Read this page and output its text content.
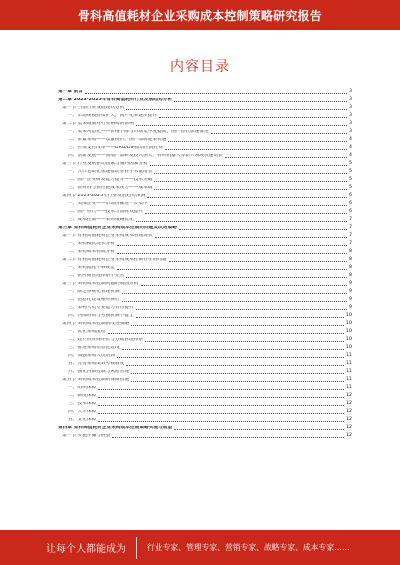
骨科高值耗材企业采购成本控制策略研究报告
内容目录
第一章 前言	3
第二章 2023-2025年骨科高值耗材行业发展趋势分析	3
第一节 当前行业发展现状分析	3
一、市场规模持续扩大，国产化率逐步提升	3
第二节 集采政策对行业格局的影响	3
一、集采常态化——价格下降与市场集中度提高，国产替代加速推进	3
二、带量采购——以量换价，国产品牌迎来机遇	4
三、医保支付改革——DRG/DIP推动医院控费	4
四、创新发展——高端产品研发投入加大，骨科机器人等新兴领域快速增长	4
第三节 行业发展驱动因素与制约因素分析	5
一、人口老龄化加速推动骨科手术量增长	5
二、国产企业研发能力提升——技术突破	5
三、原材料与供应链成本压力——成本端	5
第四节 2023-2025年行业发展趋势预测	6
一、头部企业——市场份额进一步集中	6
二、国产替代——技术与品牌双提升	6
三、成本控制——采购策略优化	7
第三章 骨科高值耗材企业采购成本控制的问题及改进策略	7
第一节 骨科高值耗材企业采购成本管理现状	7
一、采购模式现状分析	7
二、采购成本构成分析	8
第二节 骨科高值耗材企业采购成本控制存在的问题	8
一、采购流程不够规范	8
二、供应商管理体系不完善	8
第三节 采购成本控制问题的成因分析	9
一、缺乏系统化管理机制	9
二、信息化建设相对滞后	9
三、采购人员专业能力有待提升	9
四、内部协同与考核机制不健全	10
第四节 采购成本控制的改进策略	10
一、优化采购流程	10
二、建立供应商评价与分级管理体系	10
三、推进采购信息化建设	10
四、加强采购人员培训	11
五、完善采购绩效考核制度	11
六、强化内部控制与风险管理	11
第五节 采购成本控制的保障措施	11
一、组织保障	11
二、制度保障	12
三、技术保障	12
四、人才保障	12
五、文化保障	12
第四章 骨科高值耗材企业采购成本控制策略实施与展望	12
第一节 实施步骤与展望	12
让每个人都能成为	行业专家、管理专家、营销专家、战略专家、成本专家……
